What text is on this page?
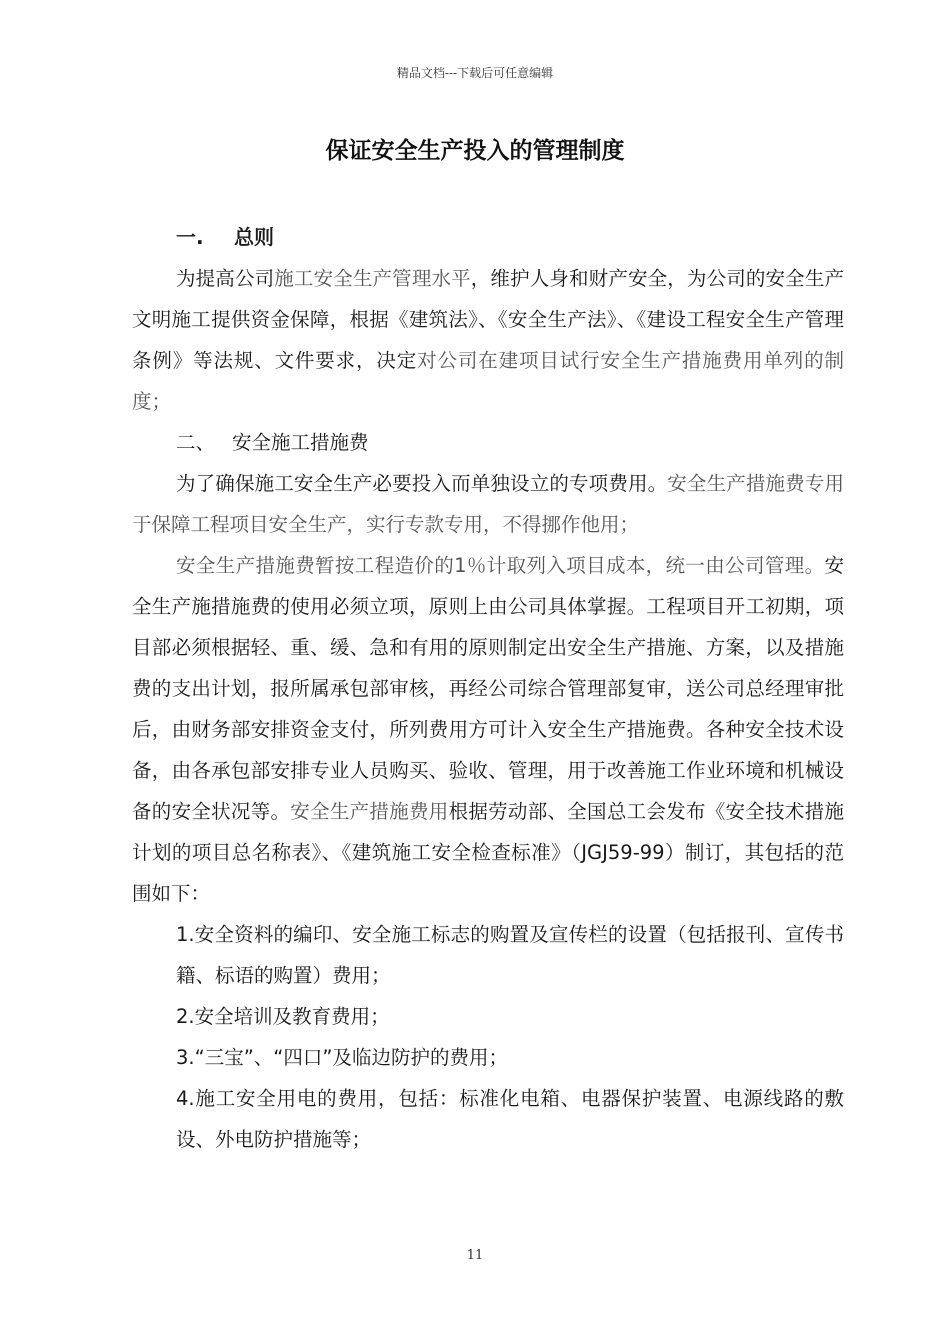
精品文档---下载后可任意编辑
保证安全生产投入的管理制度

一. 总则

为提高公司施工安全生产管理水平，维护人身和财产安全，为公司的安全生产文明施工提供资金保障，根据《建筑法》、《安全生产法》、《建设工程安全生产管理条例》等法规、文件要求，决定对公司在建项目试行安全生产措施费用单列的制度；

二、 安全施工措施费

为了确保施工安全生产必要投入而单独设立的专项费用。安全生产措施费专用于保障工程项目安全生产，实行专款专用，不得挪作他用；

安全生产措施费暂按工程造价的1％计取列入项目成本，统一由公司管理。安全生产施措施费的使用必须立项，原则上由公司具体掌握。工程项目开工初期，项目部必须根据轻、重、缓、急和有用的原则制定出安全生产措施、方案，以及措施费的支出计划，报所属承包部审核，再经公司综合管理部复审，送公司总经理审批后，由财务部安排资金支付，所列费用方可计入安全生产措施费。各种安全技术设备，由各承包部安排专业人员购买、验收、管理，用于改善施工作业环境和机械设备的安全状况等。安全生产措施费用根据劳动部、全国总工会发布《安全技术措施计划的项目总名称表》、《建筑施工安全检查标准》（JGJ59-99）制订，其包括的范围如下：

1.安全资料的编印、安全施工标志的购置及宣传栏的设置（包括报刊、宣传书籍、标语的购置）费用；

2.安全培训及教育费用；

3.“三宝”、“四口”及临边防护的费用；

4.施工安全用电的费用，包括：标准化电箱、电器保护装置、电源线路的敷设、外电防护措施等；

11
